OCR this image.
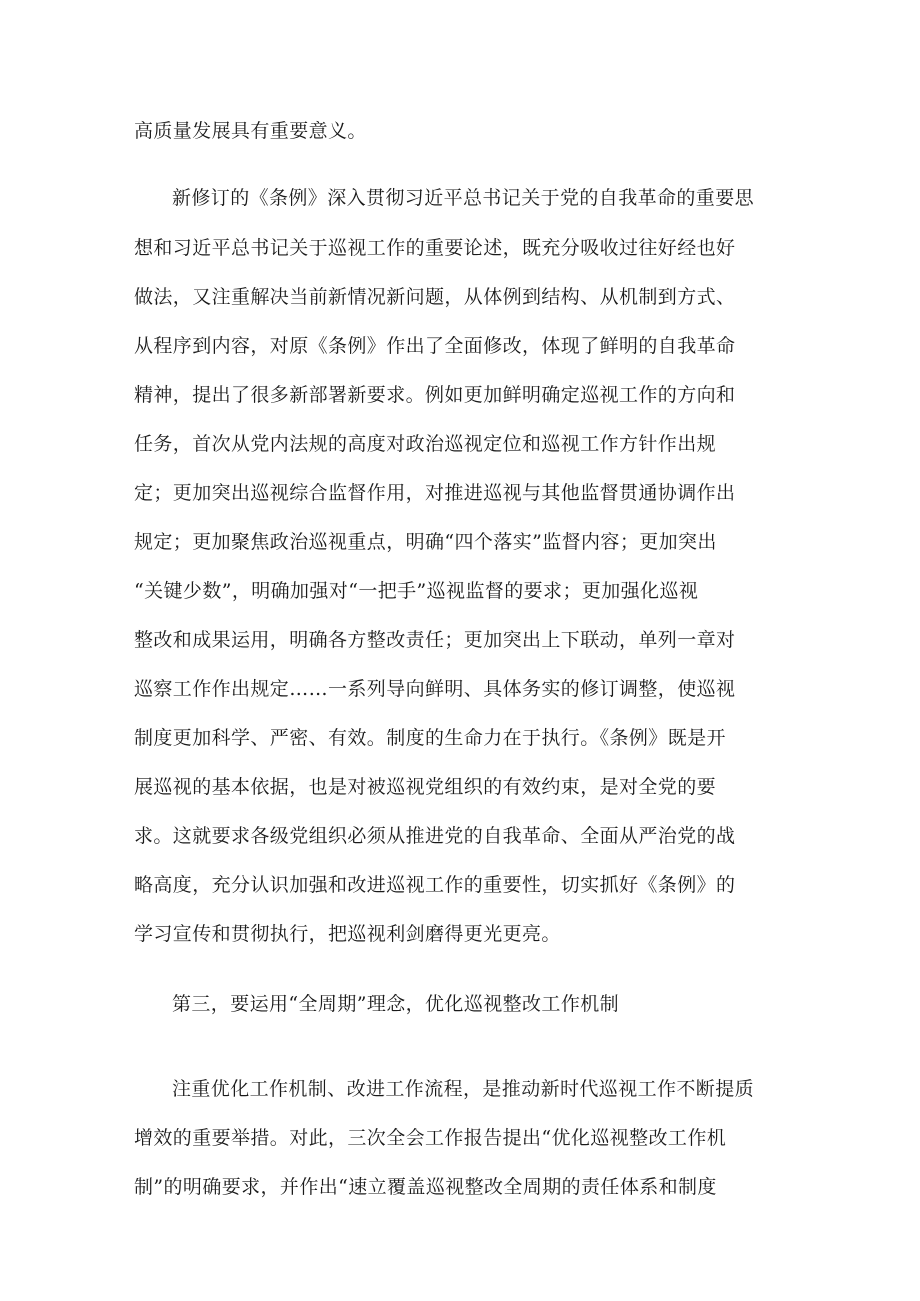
高质量发展具有重要意义。
新修订的《条例》深入贯彻习近平总书记关于党的自我革命的重要思
想和习近平总书记关于巡视工作的重要论述，既充分吸收过往好经也好
做法，又注重解决当前新情况新问题，从体例到结构、从机制到方式、
从程序到内容，对原《条例》作出了全面修改，体现了鲜明的自我革命
精神，提出了很多新部署新要求。例如更加鲜明确定巡视工作的方向和
任务，首次从党内法规的高度对政治巡视定位和巡视工作方针作出规
定；更加突出巡视综合监督作用，对推进巡视与其他监督贯通协调作出
规定；更加聚焦政治巡视重点，明确“四个落实”监督内容；更加突出
“关键少数”，明确加强对“一把手”巡视监督的要求；更加强化巡视
整改和成果运用，明确各方整改责任；更加突出上下联动，单列一章对
巡察工作作出规定……一系列导向鲜明、具体务实的修订调整，使巡视
制度更加科学、严密、有效。制度的生命力在于执行。《条例》既是开
展巡视的基本依据，也是对被巡视党组织的有效约束，是对全党的要
求。这就要求各级党组织必须从推进党的自我革命、全面从严治党的战
略高度，充分认识加强和改进巡视工作的重要性，切实抓好《条例》的
学习宣传和贯彻执行，把巡视利剑磨得更光更亮。
第三，要运用“全周期”理念，优化巡视整改工作机制
注重优化工作机制、改进工作流程，是推动新时代巡视工作不断提质
增效的重要举措。对此，三次全会工作报告提出“优化巡视整改工作机
制”的明确要求，并作出“速立覆盖巡视整改全周期的责任体系和制度
